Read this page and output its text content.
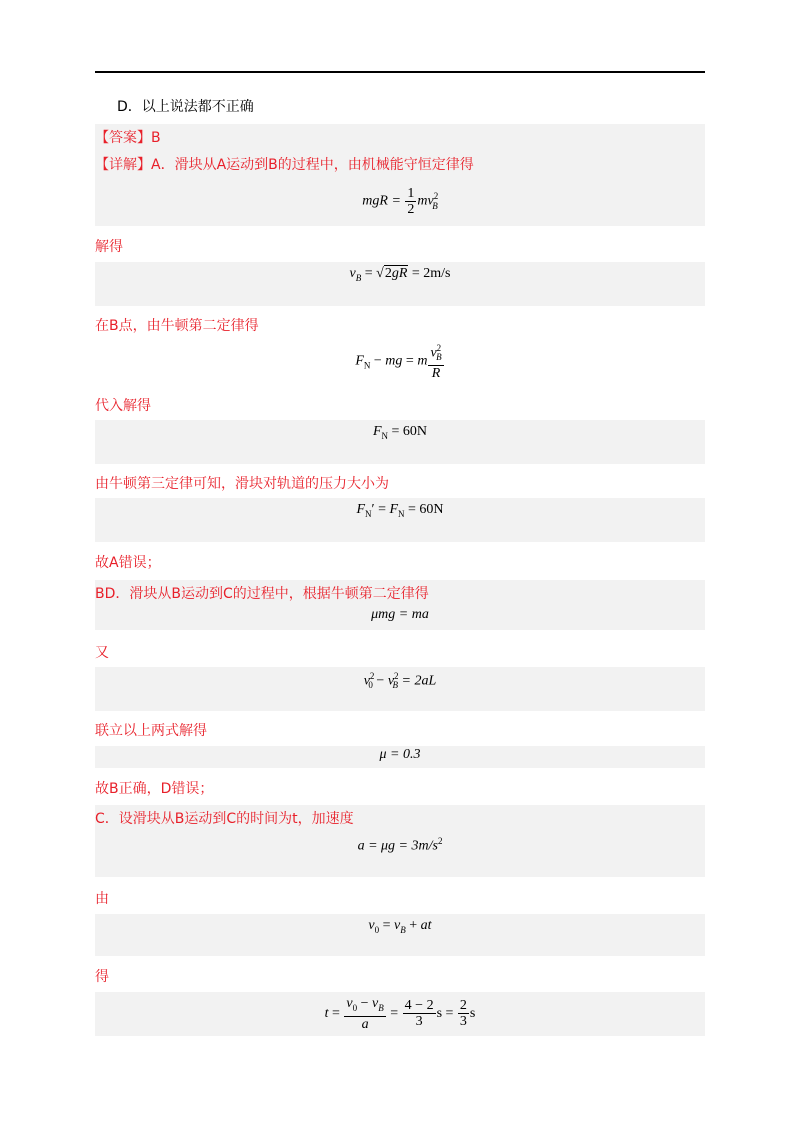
D．以上说法都不正确
【答案】B
【详解】A．滑块从A运动到B的过程中，由机械能守恒定律得
mgR = $\frac{1}{2} mv^2_B$
解得
$v_B = √2gR = 2m/s$
在B点，由牛顿第二定律得
$F_N$ − mg = m $\frac{v^2_B}{R}$
代入解得
$F_N = 60N$
由牛顿第三定律可知，滑块对轨道的压力大小为
$F_N' = F_N = 60N$
故A错误；
BD．滑块从B运动到C的过程中，根据牛顿第二定律得
μmg = ma
又
$v^2_0 - v^2_B = 2aL$
联立以上两式解得
μ = 0.3
故B正确，D错误；
C．设滑块从B运动到C的时间为t，加速度
$a = \mu g = 3m/s^2$
由
$v_0 = v_B$ + at
得
$t = \frac{v_0 - v_B}{a} = \frac{4 - 2}{3}$ $s = \frac{2}{3}$ s
